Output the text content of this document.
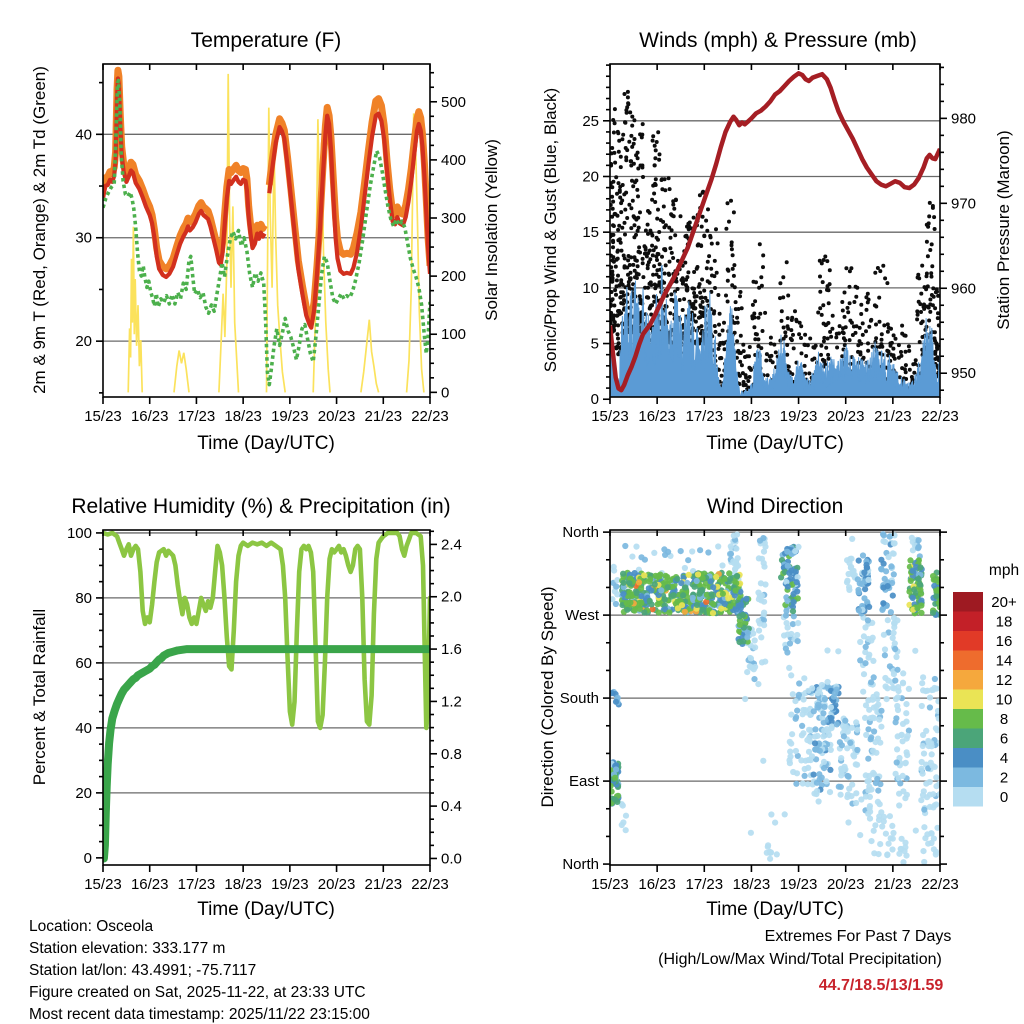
20
30
40
0
100
200
300
400
500
15/23 16/23 17/23 18/23 19/23 20/23 21/23 22/23
0
5
10
15
20
25
950
960
970
980
15/23 16/23 17/23 18/23 19/23 20/23 21/23 22/23
0
20
40
60
80
100
0.0
0.4
0.8
1.2
1.6
2.0
2.4
15/23 16/23 17/23 18/23 19/23 20/23 21/23 22/23
North
West
South
East
North
15/23 16/23 17/23 18/23 19/23 20/23 21/23 22/23
20+
18
16
14
12
10
8
6
4
2
0
Temperature (F)	Winds (mph) & Pressure (mb)
Relative Humidity (%) & Precipitation (in)	Wind Direction
2m & 9m T (Red, Orange) & 2m Td (Green)	Solar Insolation (Yellow) Sonic/Prop Wind & Gust (Blue, Black)	Station Pressure (Maroon)
Percent & Total Rainfall	Direction (Colored By Speed)
Time (Day/UTC)	Time (Day/UTC)
Time (Day/UTC)	Time (Day/UTC)
mph
Location: Osceola
Station elevation: 333.177 m
Station lat/lon: 43.4991; -75.7117
Figure created on Sat, 2025-11-22, at 23:33 UTC
Most recent data timestamp: 2025/11/22 23:15:00
Extremes For Past 7 Days
(High/Low/Max Wind/Total Precipitation)
44.7/18.5/13/1.59
